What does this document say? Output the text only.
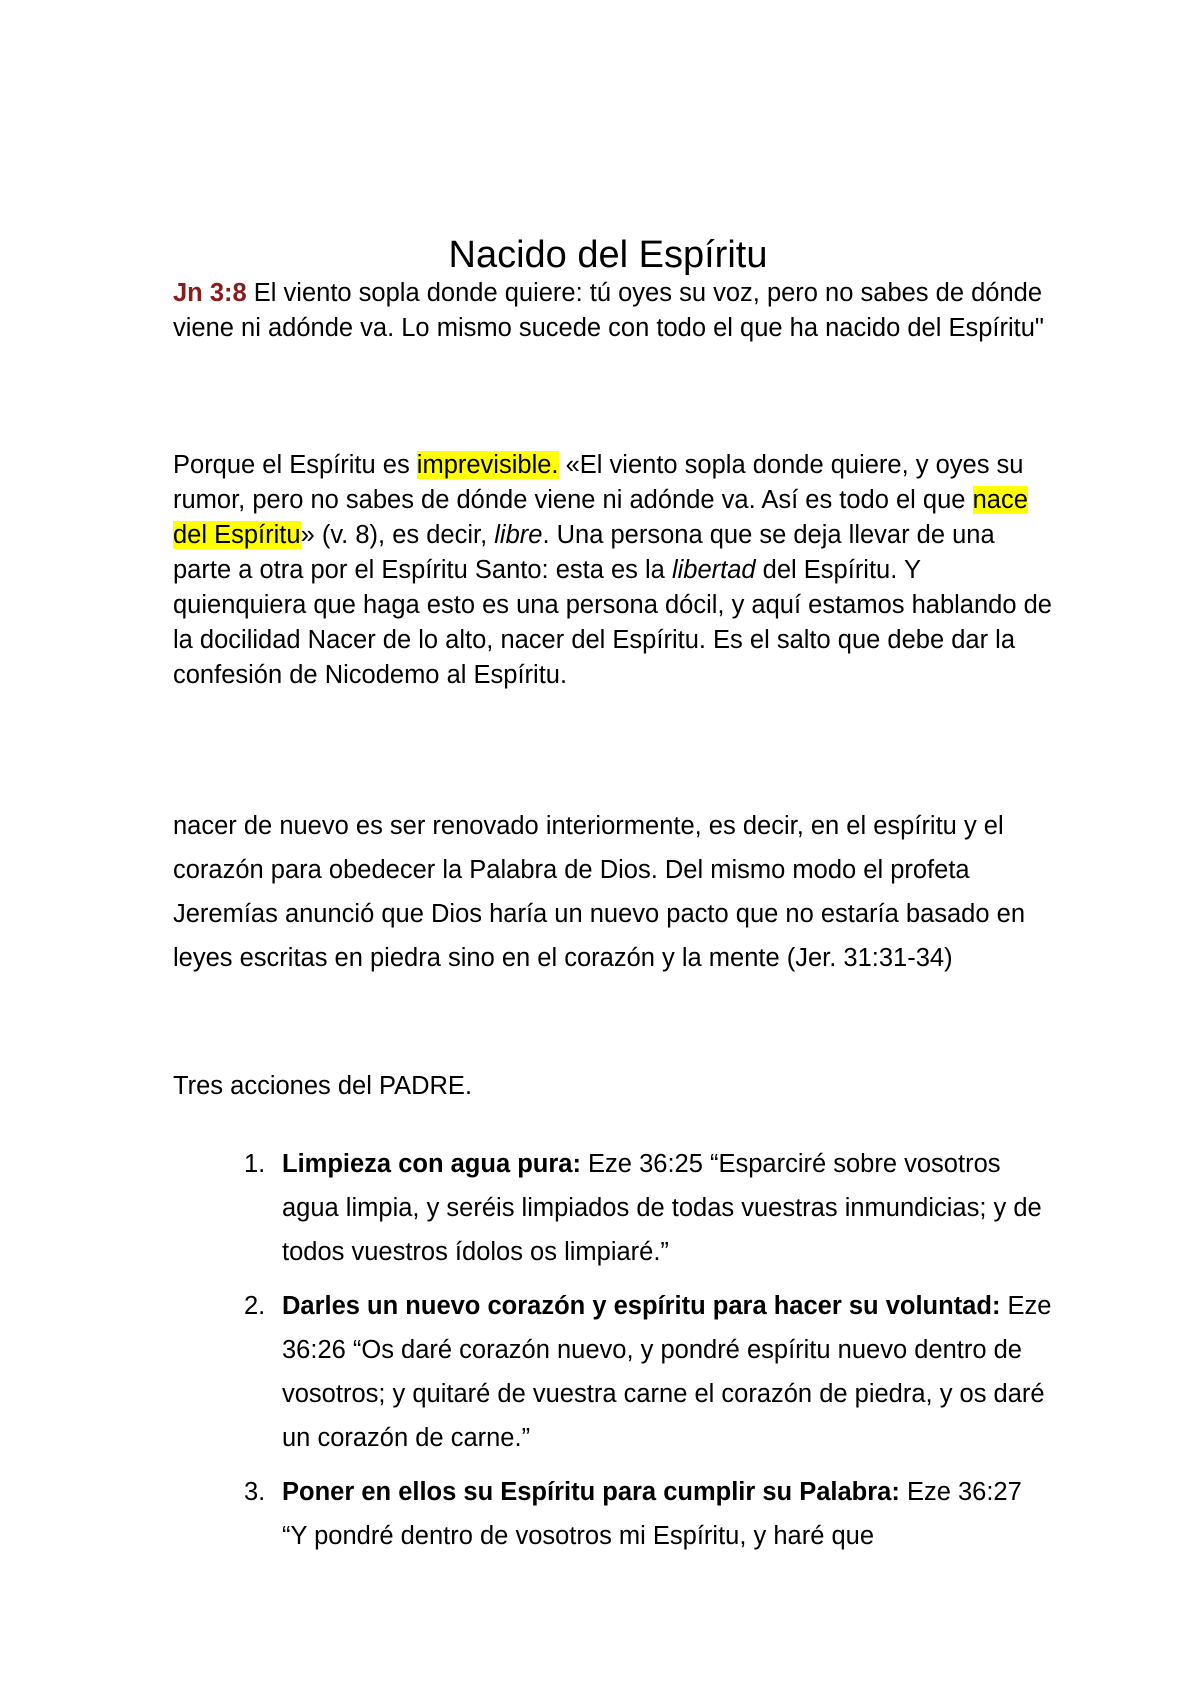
Nacido del Espíritu

Jn 3:8 El viento sopla donde quiere: tú oyes su voz, pero no sabes de dónde viene ni adónde va. Lo mismo sucede con todo el que ha nacido del Espíritu"

Porque el Espíritu es imprevisible. «El viento sopla donde quiere, y oyes su rumor, pero no sabes de dónde viene ni adónde va. Así es todo el que nace del Espíritu» (v. 8), es decir, libre. Una persona que se deja llevar de una parte a otra por el Espíritu Santo: esta es la libertad del Espíritu. Y quienquiera que haga esto es una persona dócil, y aquí estamos hablando de la docilidad Nacer de lo alto, nacer del Espíritu. Es el salto que debe dar la confesión de Nicodemo al Espíritu.

nacer de nuevo es ser renovado interiormente, es decir, en el espíritu y el corazón para obedecer la Palabra de Dios. Del mismo modo el profeta Jeremías anunció que Dios haría un nuevo pacto que no estaría basado en leyes escritas en piedra sino en el corazón y la mente (Jer. 31:31-34)

Tres acciones del PADRE.

1. Limpieza con agua pura: Eze 36:25 “Esparciré sobre vosotros agua limpia, y seréis limpiados de todas vuestras inmundicias; y de todos vuestros ídolos os limpiaré.”
2. Darles un nuevo corazón y espíritu para hacer su voluntad: Eze 36:26 “Os daré corazón nuevo, y pondré espíritu nuevo dentro de vosotros; y quitaré de vuestra carne el corazón de piedra, y os daré un corazón de carne.”
3. Poner en ellos su Espíritu para cumplir su Palabra: Eze 36:27 “Y pondré dentro de vosotros mi Espíritu, y haré que
